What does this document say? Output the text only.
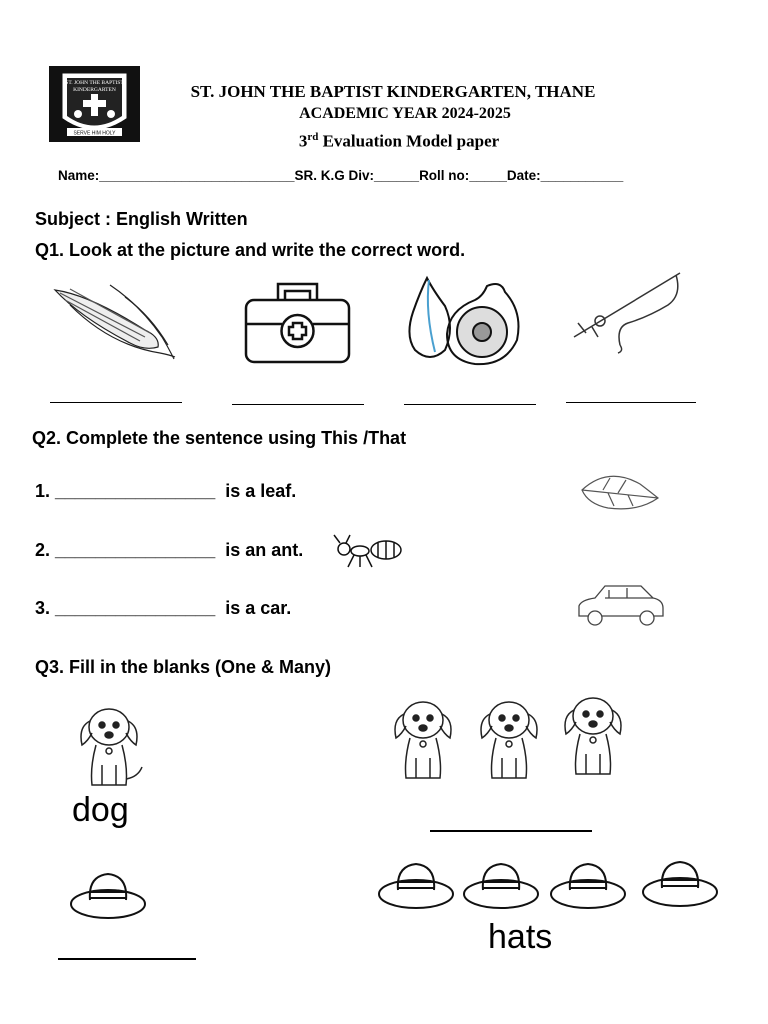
ST. JOHN THE BAPTIST
KINDERGARTEN
SERVE HIM HOLY
ST. JOHN THE BAPTIST KINDERGARTEN, THANE
ACADEMIC YEAR 2024-2025
3rd Evaluation Model paper
Name:__________________________SR. K.G Div:______Roll no:_____Date:___________
Subject : English Written
Q1. Look at the picture and write the correct word.
Q2. Complete the sentence using This /That
1. ________________ is a leaf.
2. ________________ is an ant.
3. ________________ is a car.
Q3. Fill in the blanks (One & Many)
dog
hats
